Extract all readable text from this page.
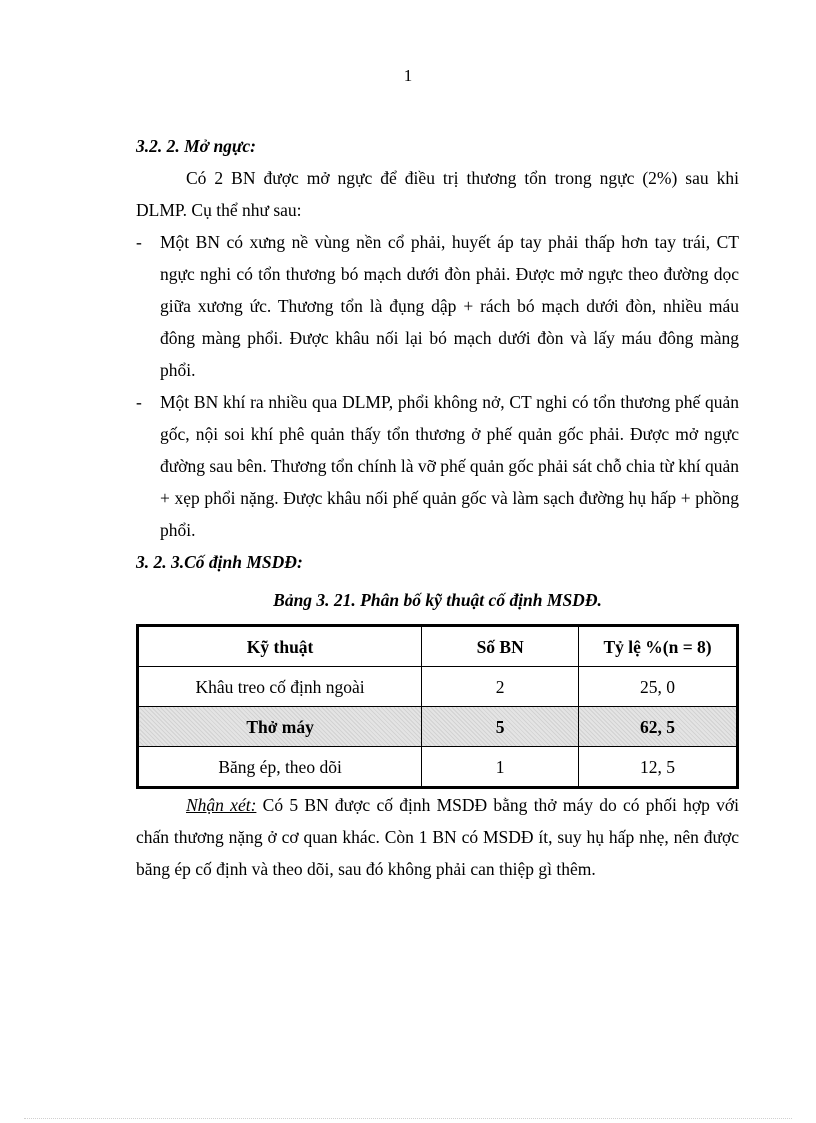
1

3.2. 2. Mở ngực:

Có 2 BN được mở ngực để điều trị thương tổn trong ngực (2%) sau khi DLMP. Cụ thể như sau:

- Một BN có xưng nề vùng nền cổ phải, huyết áp tay phải thấp hơn tay trái, CT ngực nghi có tổn thương bó mạch dưới đòn phải. Được mở ngực theo đường dọc giữa xương ức. Thương tổn là đụng dập + rách bó mạch dưới đòn, nhiều máu đông màng phổi. Được khâu nối lại bó mạch dưới đòn và lấy máu đông màng phổi.
- Một BN khí ra nhiều qua DLMP, phổi không nở, CT nghi có tổn thương phế quản gốc, nội soi khí phê quản thấy tổn thương ở phế quản gốc phải. Được mở ngực đường sau bên. Thương tổn chính là vỡ phế quản gốc phải sát chỗ chia từ khí quản + xẹp phổi nặng. Được khâu nối phế quản gốc và làm sạch đường hụ hấp + phồng phổi.

3. 2. 3.Cố định MSDĐ:

Bảng 3. 21. Phân bố kỹ thuật cố định MSDĐ.
Kỹ thuật	Số BN	Tỷ lệ %(n = 8)
Khâu treo cố định ngoài	2	25, 0
Thở máy	5	62, 5
Băng ép, theo dõi	1	12, 5

Nhận xét: Có 5 BN được cố định MSDĐ bằng thở máy do có phối hợp với chấn thương nặng ở cơ quan khác. Còn 1 BN có MSDĐ ít, suy hụ hấp nhẹ, nên được băng ép cố định và theo dõi, sau đó không phải can thiệp gì thêm.
